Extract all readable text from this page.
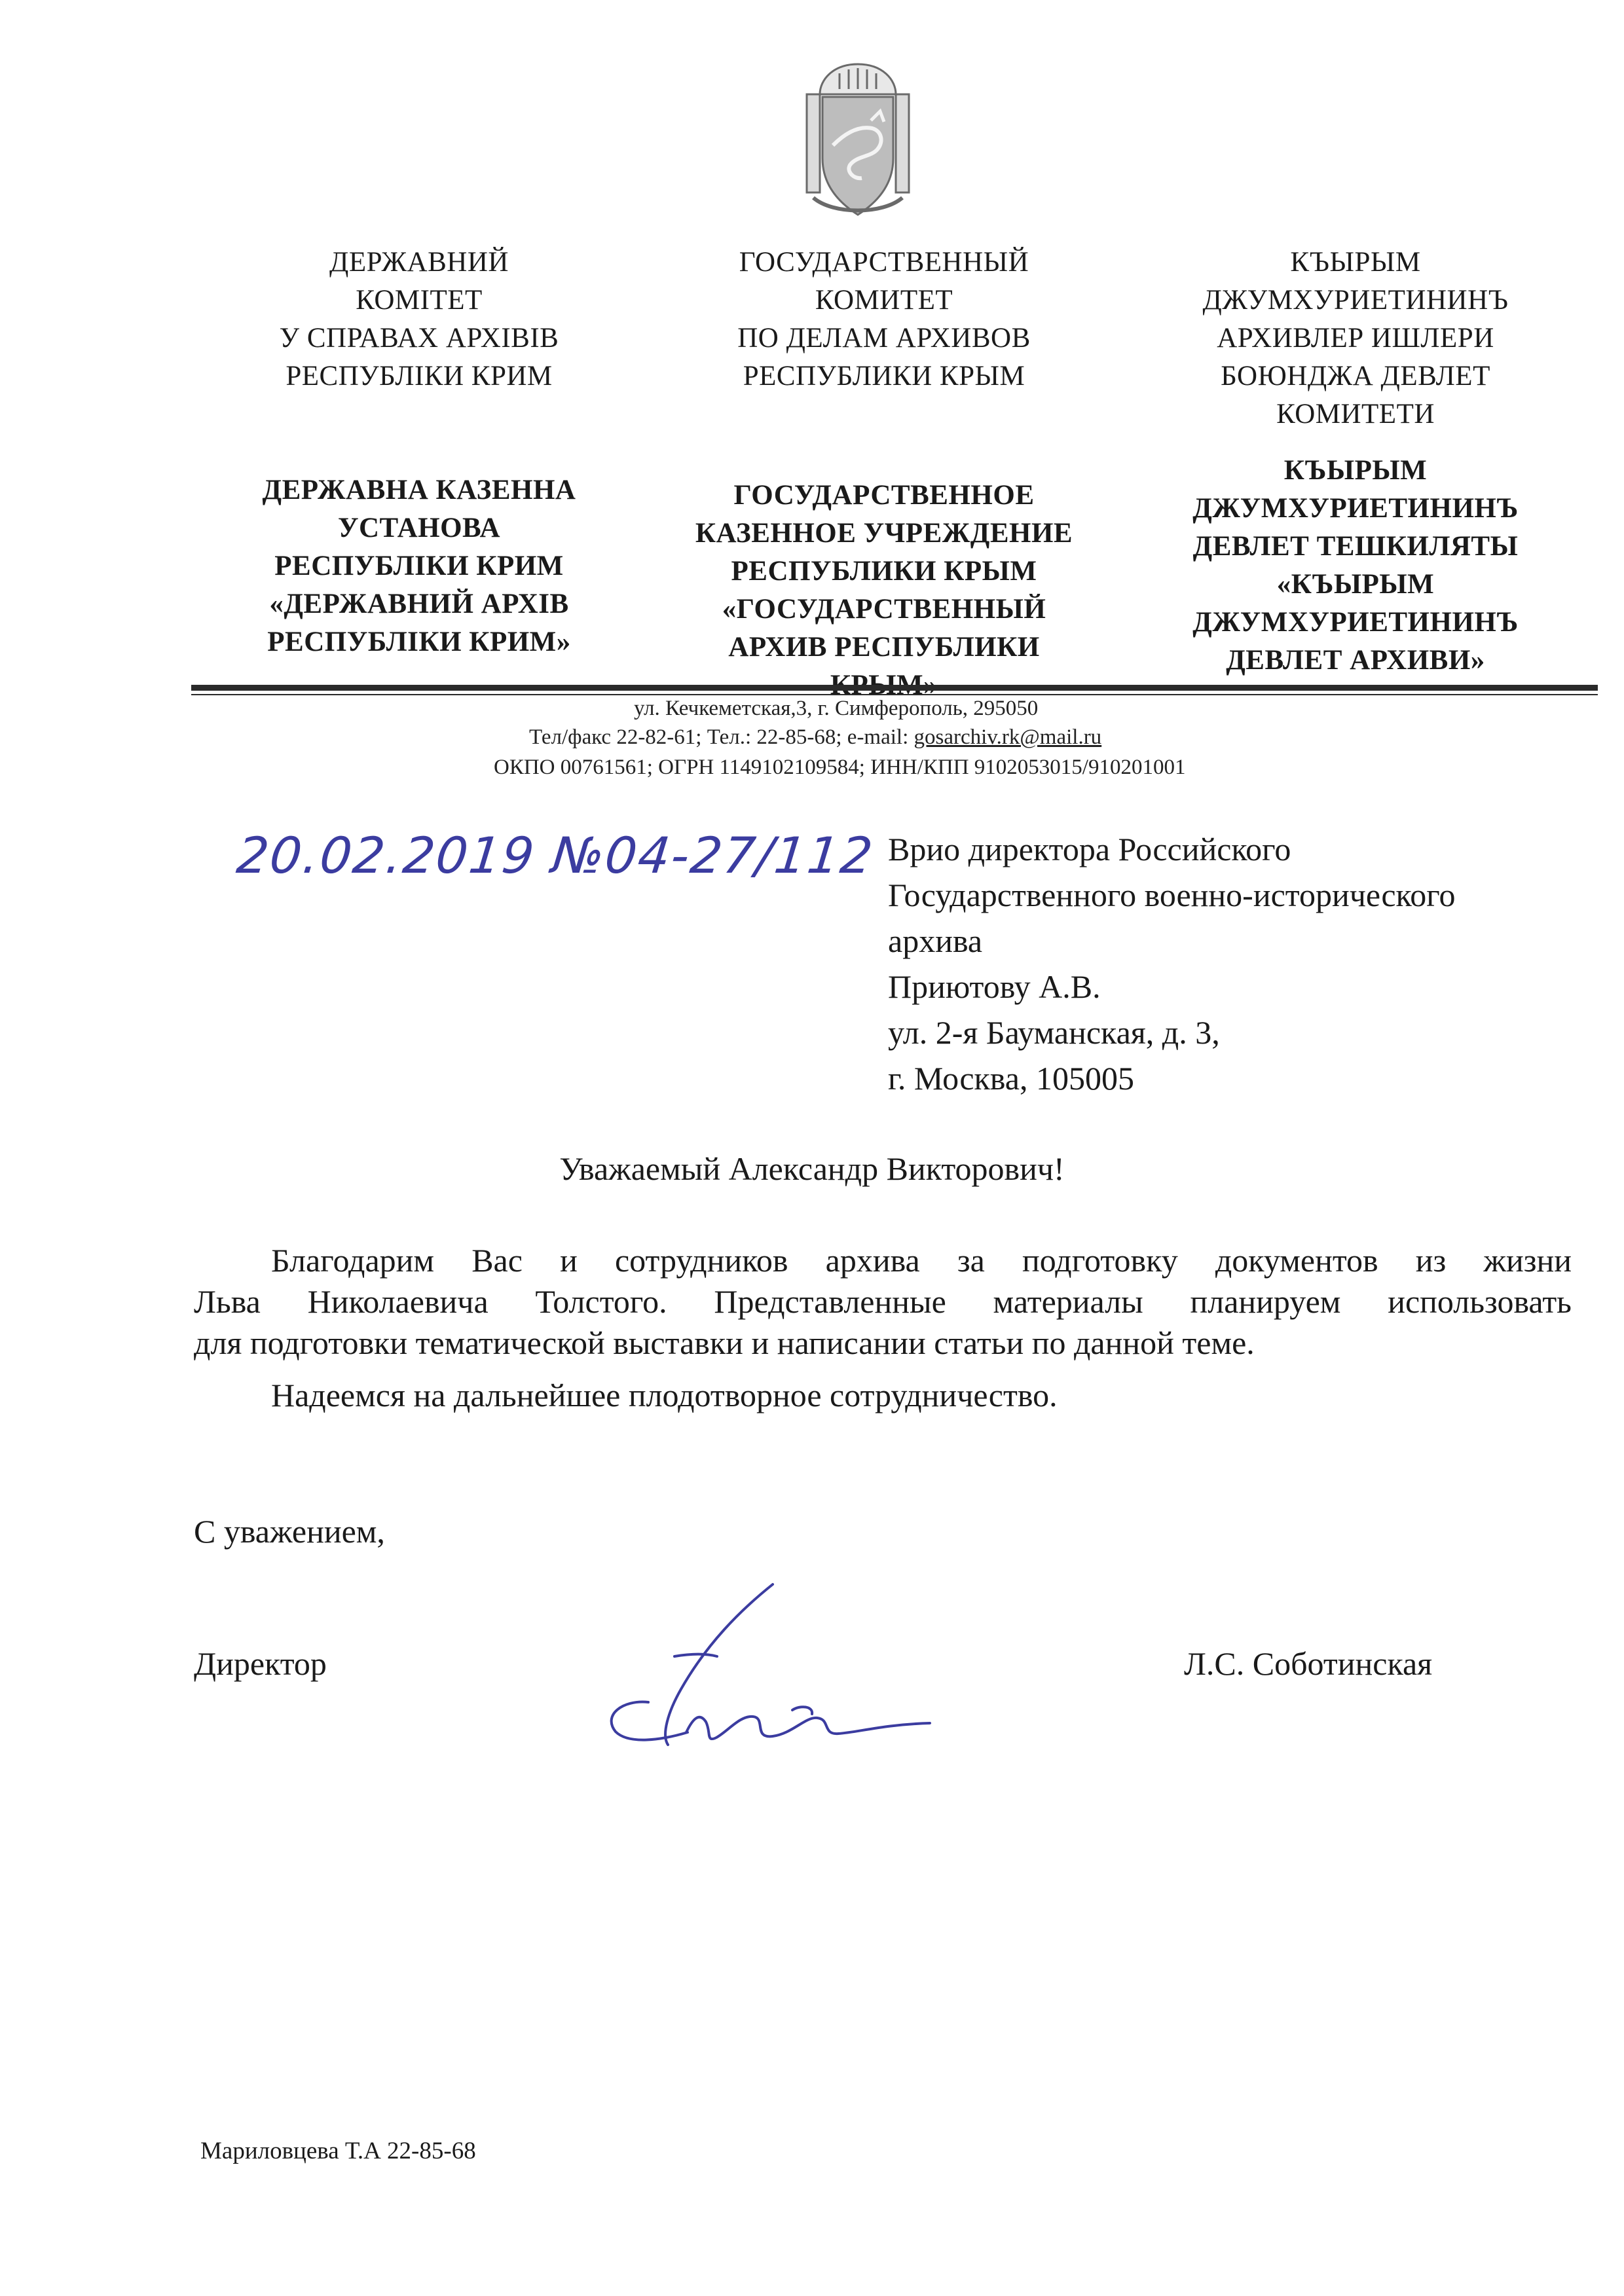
ДЕРЖАВНИЙ
КОМІТЕТ
У СПРАВАХ АРХІВІВ
РЕСПУБЛІКИ КРИМ
ГОСУДАРСТВЕННЫЙ
КОМИТЕТ
ПО ДЕЛАМ АРХИВОВ
РЕСПУБЛИКИ КРЫМ
КЪЫРЫМ
ДЖУМХУРИЕТИНИНЪ
АРХИВЛЕР ИШЛЕРИ
БОЮНДЖА ДЕВЛЕТ
КОМИТЕТИ
ДЕРЖАВНА КАЗЕННА
УСТАНОВА
РЕСПУБЛІКИ КРИМ
«ДЕРЖАВНИЙ АРХІВ
РЕСПУБЛІКИ КРИМ»
ГОСУДАРСТВЕННОЕ
КАЗЕННОЕ УЧРЕЖДЕНИЕ
РЕСПУБЛИКИ КРЫМ
«ГОСУДАРСТВЕННЫЙ
АРХИВ РЕСПУБЛИКИ
КЪЫРЫМ
ДЖУМХУРИЕТИНИНЪ
ДЕВЛЕТ ТЕШКИЛЯТЫ
«КЪЫРЫМ
ДЖУМХУРИЕТИНИНЪ
ДЕВЛЕТ АРХИВИ»
ул. Кечкеметская,3, г. Симферополь, 295050
Тел/факс 22-82-61; Тел.: 22-85-68; e-mail: gosarchiv.rk@mail.ru
ОКПО 00761561; ОГРН 1149102109584; ИНН/КПП 9102053015/910201001
20.02.2019 №04-27/112 Врио директора Российского
Государственного военно-исторического
архива
Приютову А.В.
ул. 2-я Бауманская, д. 3,
г. Москва, 105005
Уважаемый Александр Викторович!
Благодарим Вас и сотрудников архива за подготовку документов из жизни
Льва Николаевича Толстого. Представленные материалы планируем использовать
для подготовки тематической выставки и написании статьи по данной теме.
Надеемся на дальнейшее плодотворное сотрудничество.
С уважением,
Директор	Л.С. Соботинская
Мариловцева Т.А 22-85-68
